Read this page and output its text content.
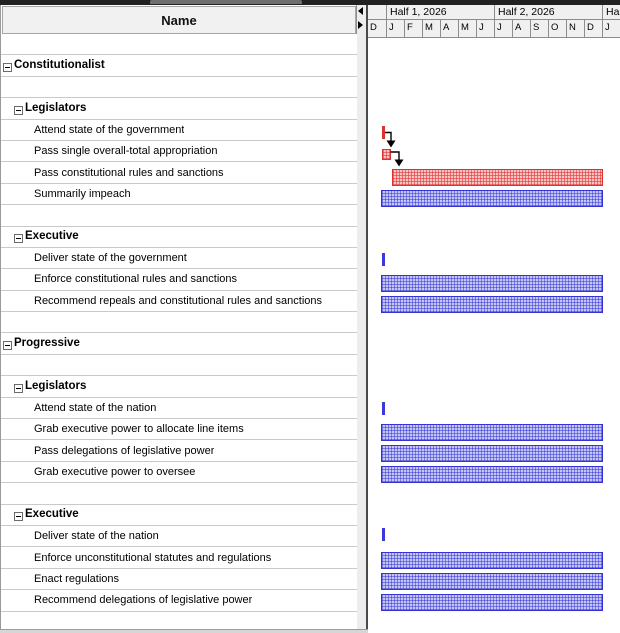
Name
Constitutionalist
Legislators
Attend state of the government
Pass single overall-total appropriation
Pass constitutional rules and sanctions
Summarily impeach
Executive
Deliver state of the government
Enforce constitutional rules and sanctions
Recommend repeals and constitutional rules and sanctions
Progressive
Legislators
Attend state of the nation
Grab executive power to allocate line items
Pass delegations of legislative power
Grab executive power to oversee
Executive
Deliver state of the nation
Enforce unconstitutional statutes and regulations
Enact regulations
Recommend delegations of legislative power
Half 1, 2026	Half 2, 2026	Ha
D	J	F	M	A	M	J	J	A	S	O	N	D	J
